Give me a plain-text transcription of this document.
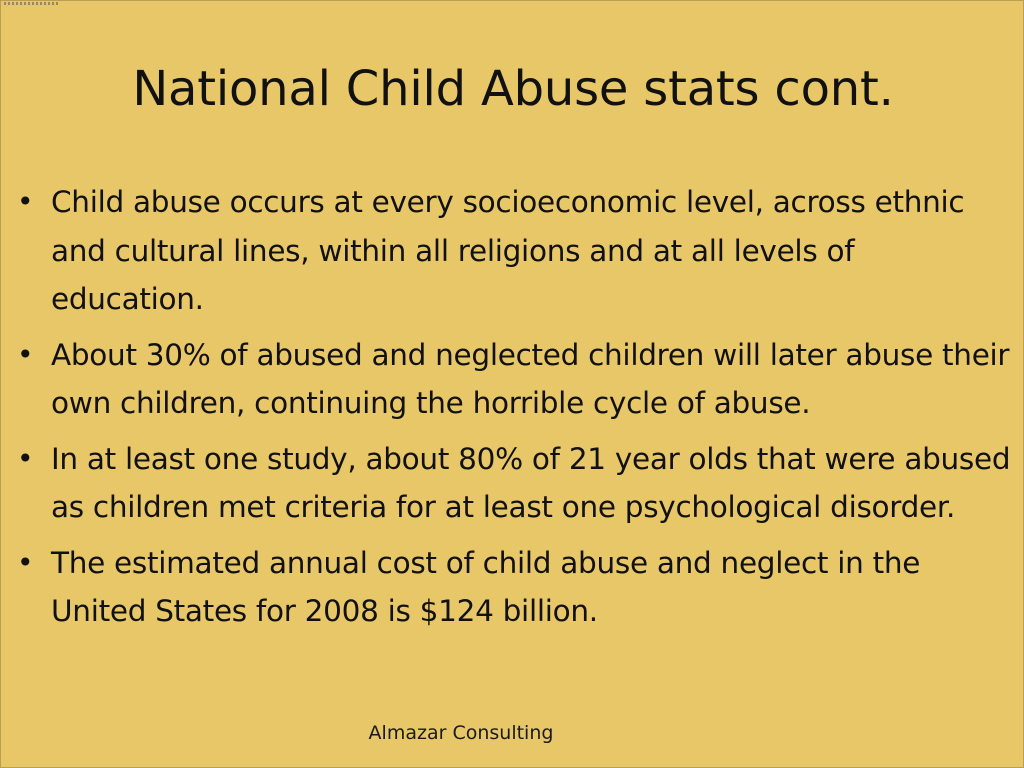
National Child Abuse stats cont.
• Child abuse occurs at every socioeconomic level, across ethnic and cultural lines, within all religions and at all levels of education.
• About 30% of abused and neglected children will later abuse their own children, continuing the horrible cycle of abuse.
• In at least one study, about 80% of 21 year olds that were abused as children met criteria for at least one psychological disorder.
• The estimated annual cost of child abuse and neglect in the United States for 2008 is $124 billion.
Almazar Consulting
